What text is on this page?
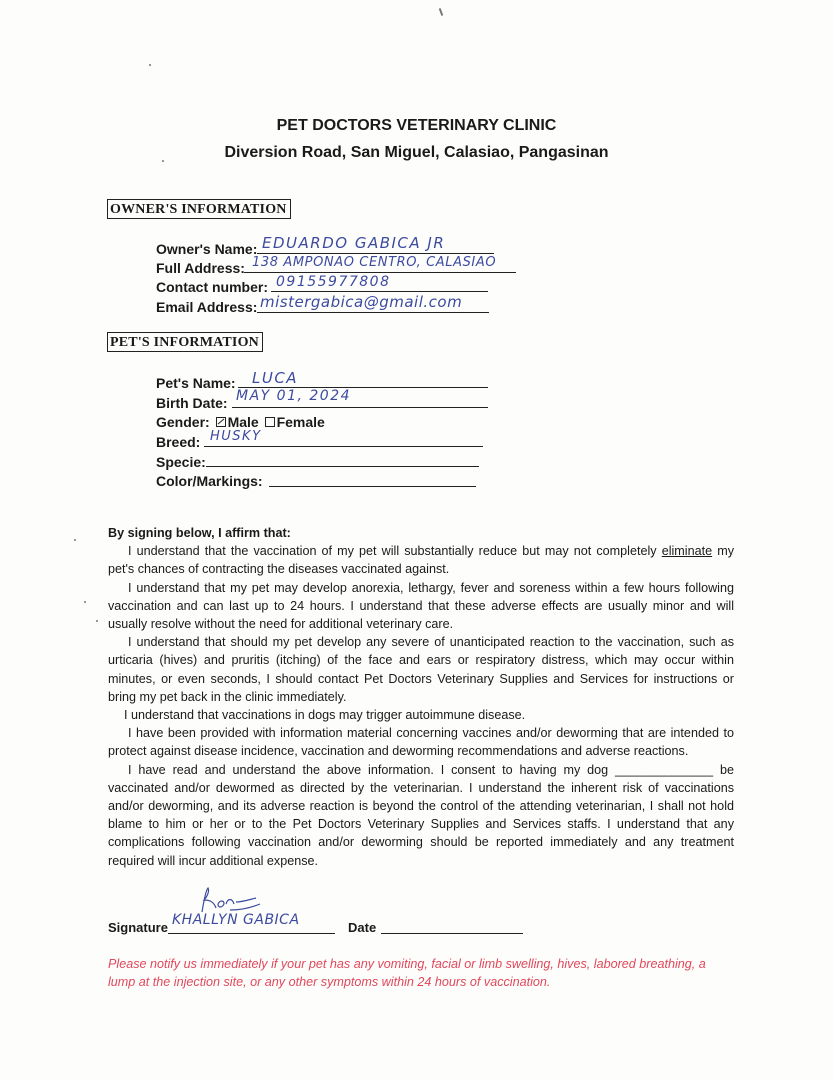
PET DOCTORS VETERINARY CLINIC
Diversion Road, San Miguel, Calasiao, Pangasinan
OWNER'S INFORMATION
Owner's Name: EDUARDO GABICA JR
Full Address: 138 AMPONAO CENTRO, CALASIAO
Contact number: 09155977808
Email Address: mistergabica@gmail.com
PET'S INFORMATION
Pet's Name: LUCA
Birth Date: MAY 01, 2024
Gender: Male Female
Breed: HUSKY
Specie:
Color/Markings:

By signing below, I affirm that:

I understand that the vaccination of my pet will substantially reduce but may not completely eliminate my pet's chances of contracting the diseases vaccinated against.

I understand that my pet may develop anorexia, lethargy, fever and soreness within a few hours following vaccination and can last up to 24 hours. I understand that these adverse effects are usually minor and will usually resolve without the need for additional veterinary care.

I understand that should my pet develop any severe of unanticipated reaction to the vaccination, such as urticaria (hives) and pruritis (itching) of the face and ears or respiratory distress, which may occur within minutes, or even seconds, I should contact Pet Doctors Veterinary Supplies and Services for instructions or bring my pet back in the clinic immediately.

I understand that vaccinations in dogs may trigger autoimmune disease.

I have been provided with information material concerning vaccines and/or deworming that are intended to protect against disease incidence, vaccination and deworming recommendations and adverse reactions.

I have read and understand the above information. I consent to having my dog ______________ be vaccinated and/or dewormed as directed by the veterinarian. I understand the inherent risk of vaccinations and/or deworming, and its adverse reaction is beyond the control of the attending veterinarian, I shall not hold blame to him or her or to the Pet Doctors Veterinary Supplies and Services staffs. I understand that any complications following vaccination and/or deworming should be reported immediately and any treatment required will incur additional expense.

Signature KHALLYN GABICA	Date
Please notify us immediately if your pet has any vomiting, facial or limb swelling, hives, labored breathing, a lump at the injection site, or any other symptoms within 24 hours of vaccination.
